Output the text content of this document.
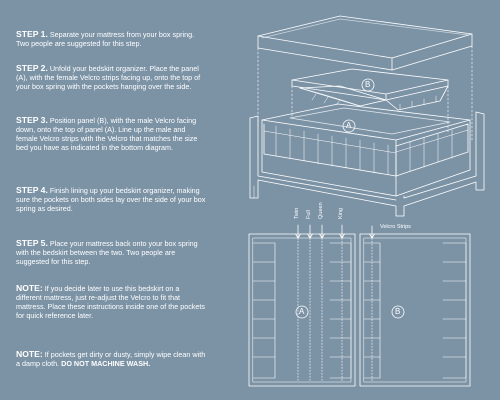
STEP 1. Separate your mattress from your box spring. Two people are suggested for this step.
STEP 2. Unfold your bedskirt organizer. Place the panel (A), with the female Velcro strips facing up, onto the top of your box spring with the pockets hanging over the side.
STEP 3. Position panel (B), with the male Velcro facing down, onto the top of panel (A). Line up the male and female Velcro strips with the Velcro that matches the size bed you have as indicated in the bottom diagram.
STEP 4. Finish lining up your bedskirt organizer, making sure the pockets on both sides lay over the side of your box spring as desired.
STEP 5. Place your mattress back onto your box spring with the bedskirt between the two. Two people are suggested for this step.
NOTE: If you decide later to use this bedskirt on a different mattress, just re-adjust the Velcro to fit that mattress. Place these instructions inside one of the pockets for quick reference later.
NOTE: If pockets get dirty or dusty, simply wipe clean with a damp cloth. DO NOT MACHINE WASH.
B
A
A	B
Twin Full Queen	King
Velcro Strips
